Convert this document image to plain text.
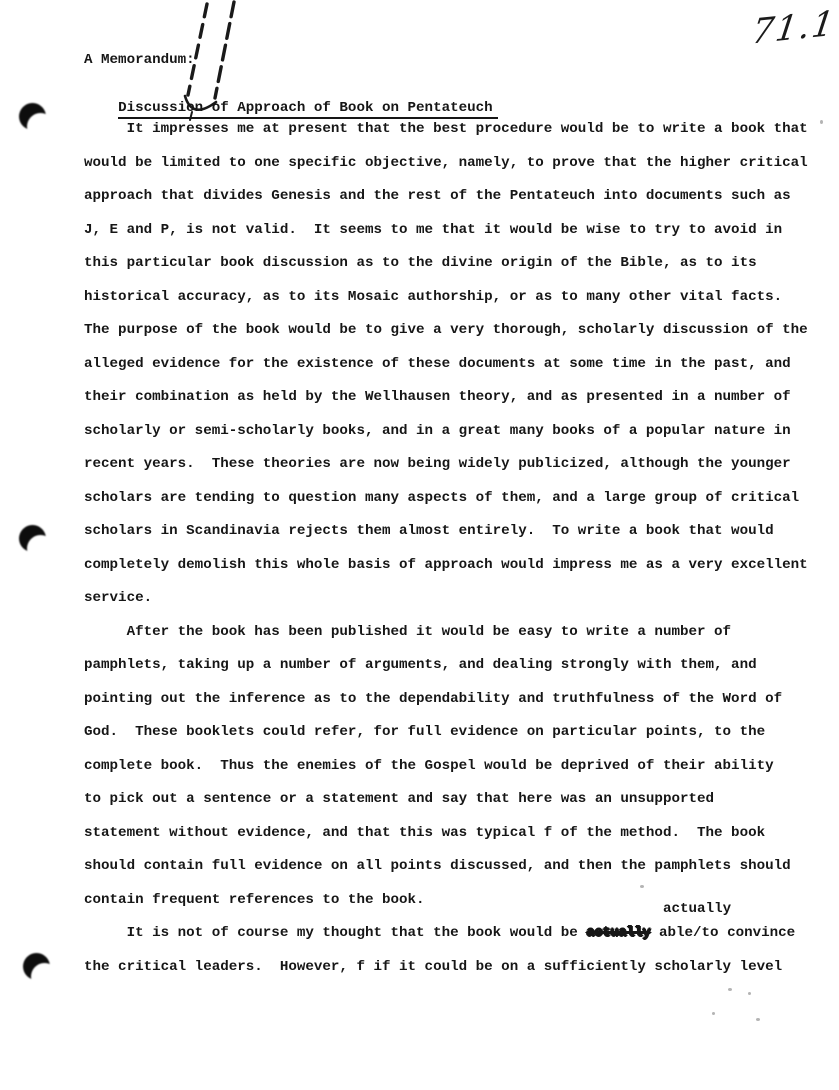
71.1
A Memorandum:

Discussion of Approach of Book on Pentateuch

It impresses me at present that the best procedure would be to write a book that
would be limited to one specific objective, namely, to prove that the higher critical
approach that divides Genesis and the rest of the Pentateuch into documents such as
J, E and P, is not valid.  It seems to me that it would be wise to try to avoid in
this particular book discussion as to the divine origin of the Bible, as to its
historical accuracy, as to its Mosaic authorship, or as to many other vital facts.
The purpose of the book would be to give a very thorough, scholarly discussion of the
alleged evidence for the existence of these documents at some time in the past, and
their combination as held by the Wellhausen theory, and as presented in a number of
scholarly or semi-scholarly books, and in a great many books of a popular nature in
recent years.  These theories are now being widely publicized, although the younger
scholars are tending to question many aspects of them, and a large group of critical
scholars in Scandinavia rejects them almost entirely.  To write a book that would
completely demolish this whole basis of approach would impress me as a very excellent
service.
After the book has been published it would be easy to write a number of
pamphlets, taking up a number of arguments, and dealing strongly with them, and
pointing out the inference as to the dependability and truthfulness of the Word of
God.  These booklets could refer, for full evidence on particular points, to the
complete book.  Thus the enemies of the Gospel would be deprived of their ability
to pick out a sentence or a statement and say that here was an unsupported
statement without evidence, and that this was typical f of the method.  The book
should contain full evidence on all points discussed, and then the pamphlets should
contain frequent references to the book.
It is not of course my thought that the book would be actually able/to convince
the critical leaders.  However, f if it could be on a sufficiently scholarly level
actually
